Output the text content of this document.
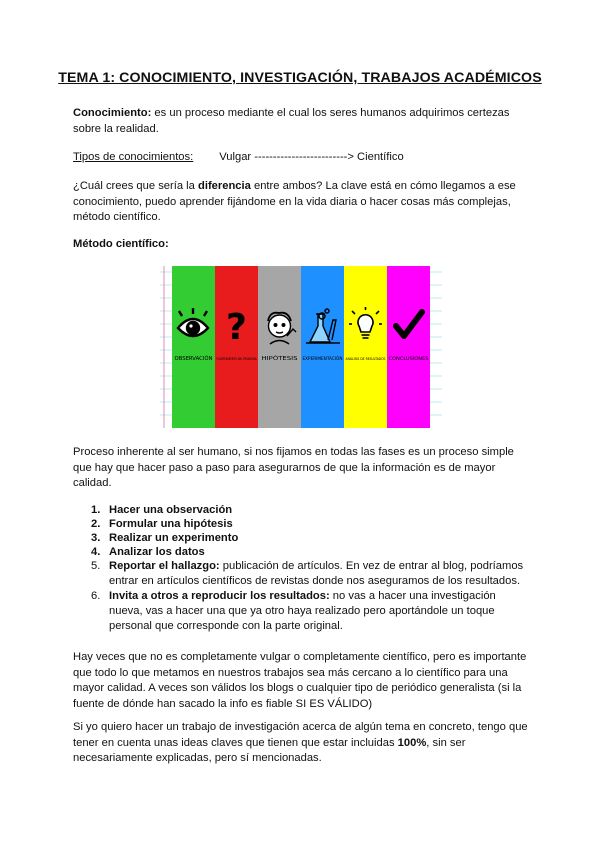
TEMA 1: CONOCIMIENTO, INVESTIGACIÓN, TRABAJOS ACADÉMICOS
Conocimiento: es un proceso mediante el cual los seres humanos adquirimos certezas sobre la realidad.
Tipos de conocimientos: Vulgar -------------------------> Científico
¿Cuál crees que sería la diferencia entre ambos? La clave está en cómo llegamos a ese conocimiento, puedo aprender fijándome en la vida diaria o hacer cosas más complejas, método científico.
Método científico:
?
OBSERVACIÓN PLANTEAMIENTO DEL PROBLEMA HIPÓTESIS	EXPERIMENTACIÓN ANÁLISIS DE RESULTADOS
CONCLUSIONES
Proceso inherente al ser humano, si nos fijamos en todas las fases es un proceso simple que hay que hacer paso a paso para asegurarnos de que la información es de mayor calidad.
1. Hacer una observación
2. Formular una hipótesis
3. Realizar un experimento
4. Analizar los datos
5. Reportar el hallazgo: publicación de artículos. En vez de entrar al blog, podríamos entrar en artículos científicos de revistas donde nos aseguramos de los resultados.
6. Invita a otros a reproducir los resultados: no vas a hacer una investigación nueva, vas a hacer una que ya otro haya realizado pero aportándole un toque personal que corresponde con la parte original.
Hay veces que no es completamente vulgar o completamente científico, pero es importante que todo lo que metamos en nuestros trabajos sea más cercano a lo científico para una mayor calidad. A veces son válidos los blogs o cualquier tipo de periódico generalista (si la fuente de dónde han sacado la info es fiable SI ES VÁLIDO)
Si yo quiero hacer un trabajo de investigación acerca de algún tema en concreto, tengo que tener en cuenta unas ideas claves que tienen que estar incluidas 100%, sin ser necesariamente explicadas, pero sí mencionadas.
